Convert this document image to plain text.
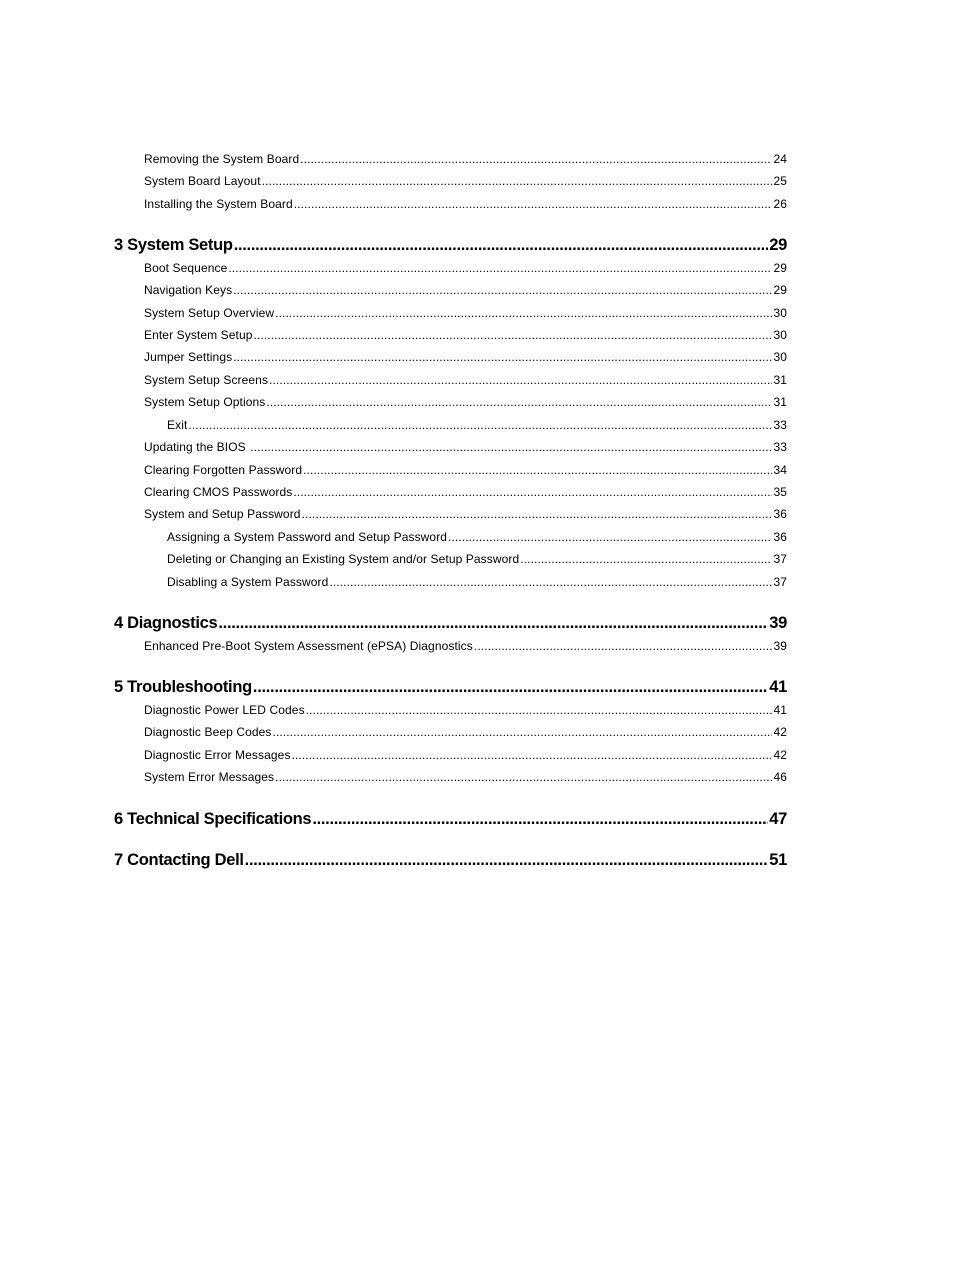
Removing the System Board .....	24
System Board Layout .....	25
Installing the System Board .....	26
3 System Setup .....	29
Boot Sequence .....	29
Navigation Keys .....	29
System Setup Overview .....	30
Enter System Setup .....	30
Jumper Settings .....	30
System Setup Screens .....	31
System Setup Options .....	31
Exit .....	33
Updating the BIOS .....	33
Clearing Forgotten Password .....	34
Clearing CMOS Passwords .....	35
System and Setup Password .....	36
Assigning a System Password and Setup Password .....	36
Deleting or Changing an Existing System and/or Setup Password .....	37
Disabling a System Password .....	37
4 Diagnostics .....	39
Enhanced Pre-Boot System Assessment (ePSA) Diagnostics .....	39
5 Troubleshooting .....	41
Diagnostic Power LED Codes .....	41
Diagnostic Beep Codes .....	42
Diagnostic Error Messages .....	42
System Error Messages .....	46
6 Technical Specifications .....	47
7 Contacting Dell .....	51
